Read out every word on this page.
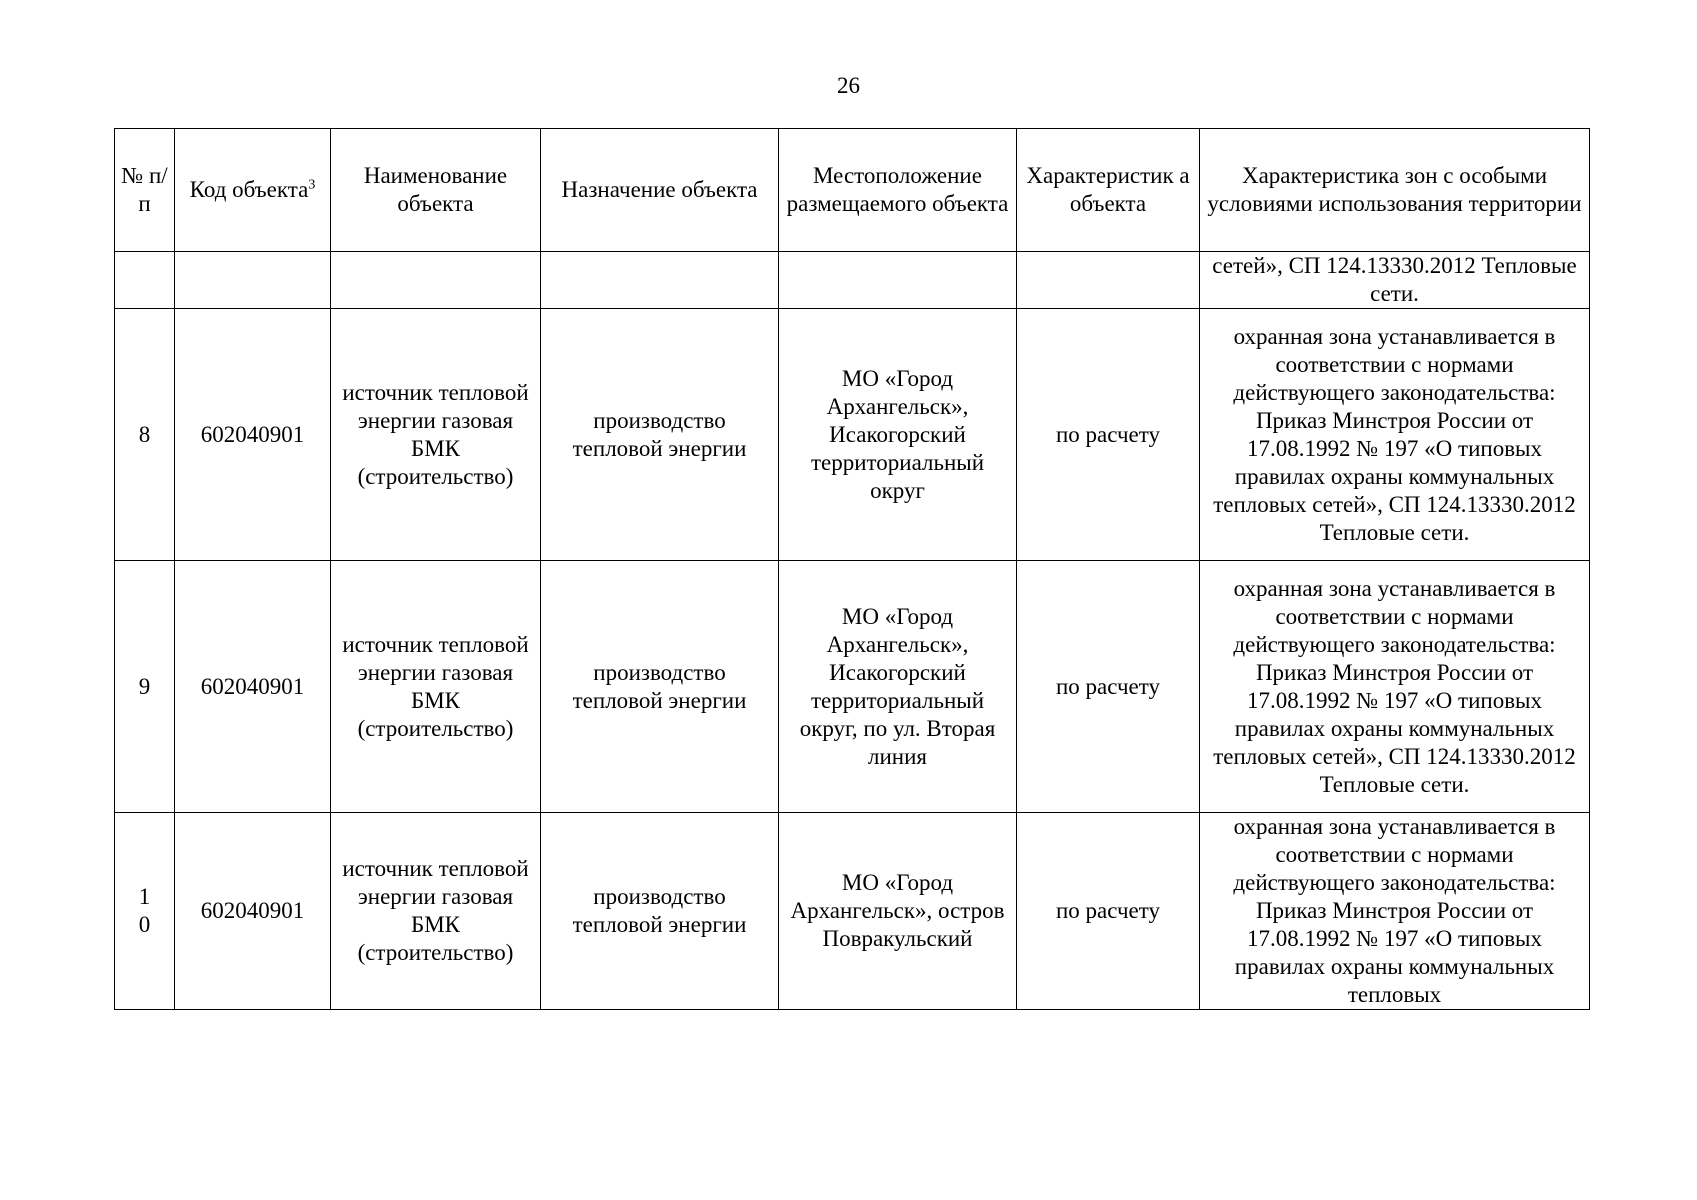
26
№ п/п	Код объекта$^3$	Наименование объекта	Назначение объекта	Местоположение размещаемого объекта	Характеристик а объекта	Характеристика зон с особыми условиями использования территории
						сетей», СП 124.13330.2012 Тепловые сети.
8	602040901	источник тепловой энергии газовая БМК (строительство)	производство тепловой энергии	МО «Город Архангельск», Исакогорский территориальный округ	по расчету	охранная зона устанавливается в соответствии с нормами действующего законодательства: Приказ Минстроя России от 17.08.1992 № 197 «О типовых правилах охраны коммунальных тепловых сетей», СП 124.13330.2012 Тепловые сети.
9	602040901	источник тепловой энергии газовая БМК (строительство)	производство тепловой энергии	МО «Город Архангельск», Исакогорский территориальный округ, по ул. Вторая линия	по расчету	охранная зона устанавливается в соответствии с нормами действующего законодательства: Приказ Минстроя России от 17.08.1992 № 197 «О типовых правилах охраны коммунальных тепловых сетей», СП 124.13330.2012 Тепловые сети.
10	602040901	источник тепловой энергии газовая БМК (строительство)	производство тепловой энергии	МО «Город Архангельск», остров Повракульский	по расчету	охранная зона устанавливается в соответствии с нормами действующего законодательства: Приказ Минстроя России от 17.08.1992 № 197 «О типовых правилах охраны коммунальных тепловых
